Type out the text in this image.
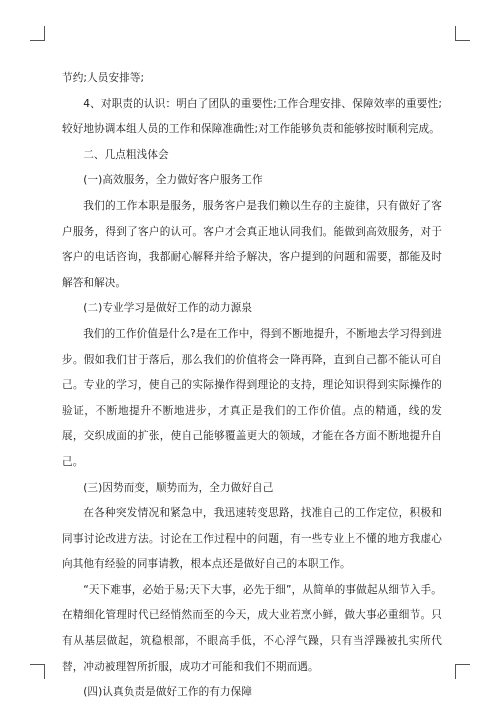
节约;人员安排等;

4、对职责的认识：明白了团队的重要性;工作合理安排、保障效率的重要性;较好地协调本组人员的工作和保障准确性;对工作能够负责和能够按时顺利完成。

二、几点粗浅体会

(一)高效服务，全力做好客户服务工作

我们的工作本职是服务，服务客户是我们赖以生存的主旋律，只有做好了客户服务，得到了客户的认可。客户才会真正地认同我们。能做到高效服务，对于客户的电话咨询，我都耐心解释并给予解决，客户提到的问题和需要，都能及时解答和解决。

(二)专业学习是做好工作的动力源泉

我们的工作价值是什么?是在工作中，得到不断地提升，不断地去学习得到进步。假如我们甘于落后，那么我们的价值将会一降再降，直到自己都不能认可自己。专业的学习，使自己的实际操作得到理论的支持，理论知识得到实际操作的验证，不断地提升不断地进步，才真正是我们的工作价值。点的精通，线的发展，交织成面的扩张，使自己能够覆盖更大的领域，才能在各方面不断地提升自己。

(三)因势而变，顺势而为，全力做好自己

在各种突发情况和紧急中，我迅速转变思路，找准自己的工作定位，积极和同事讨论改进方法。讨论在工作过程中的问题，有一些专业上不懂的地方我虚心向其他有经验的同事请教，根本点还是做好自己的本职工作。

“天下难事，必始于易;天下大事，必先于细”，从简单的事做起从细节入手。在精细化管理时代已经悄然而至的今天，成大业若烹小鲜，做大事必重细节。只有从基层做起，筑稳根部，不眼高手低，不心浮气躁，只有当浮躁被扎实所代替，冲动被理智所折服，成功才可能和我们不期而遇。

(四)认真负责是做好工作的有力保障
